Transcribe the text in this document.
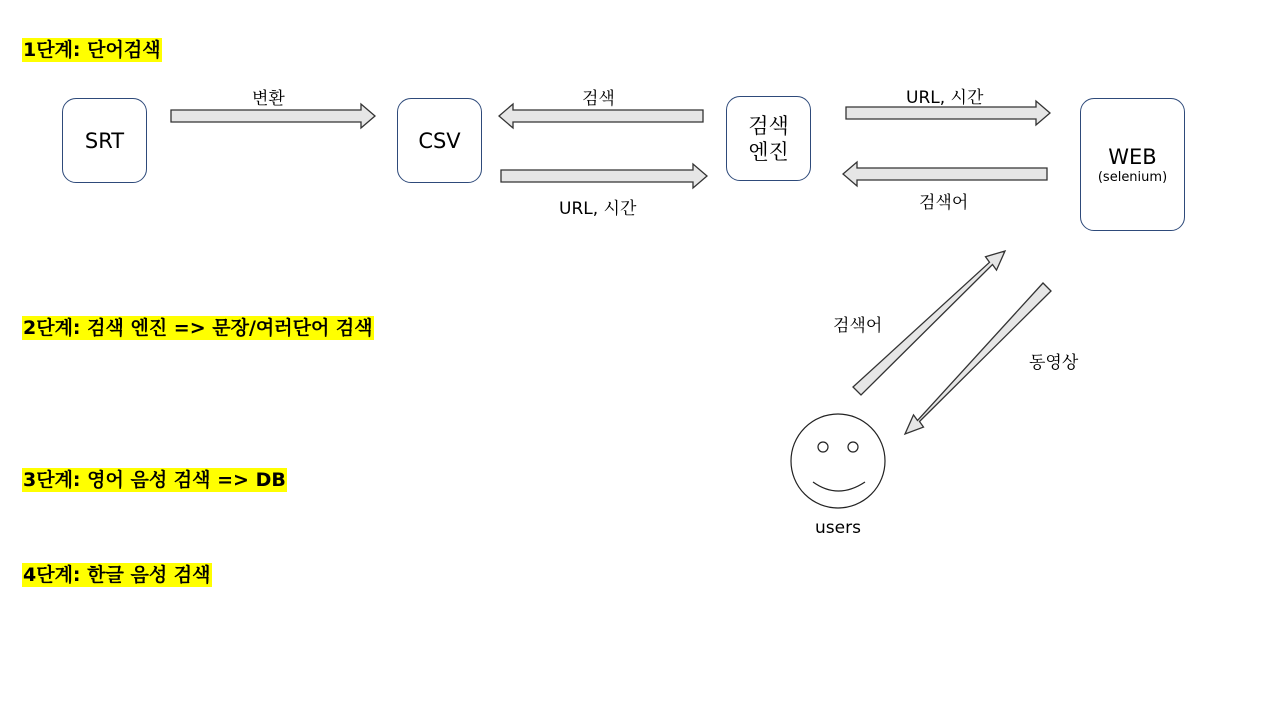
1단계: 단어검색
2단계: 검색 엔진 => 문장/여러단어 검색
3단계: 영어 음성 검색 => DB
4단계: 한글 음성 검색
SRT	CSV
검색
엔진	WEB
(selenium)
변환	검색
URL, 시간
URL, 시간
검색어
검색어
동영상
users
